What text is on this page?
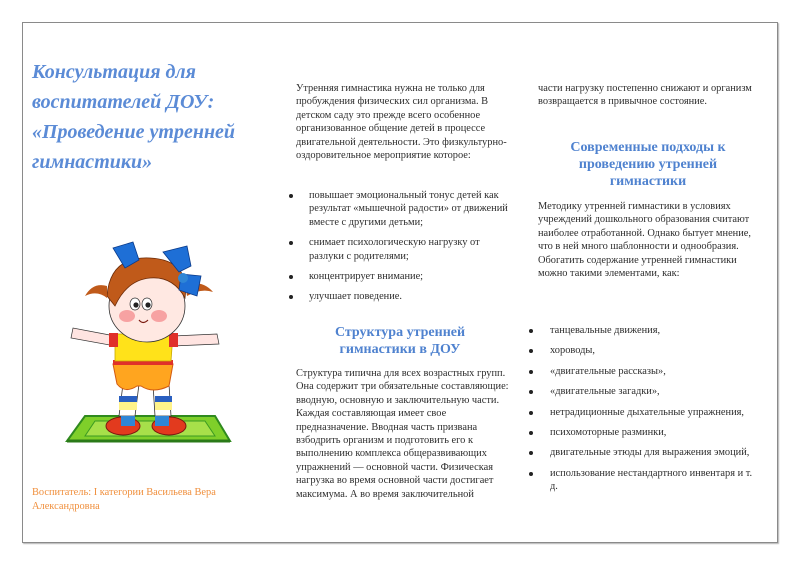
Консультация для воспитателей ДОУ: «Проведение утренней гимнастики»
Воспитатель: I категории Васильева Вера Александровна

Утренняя гимнастика нужна не только для пробуждения физических сил организма. В детском саду это прежде всего особенное организованное общение детей в процессе двигательной деятельности. Это физкультурно-оздоровительное мероприятие которое:

повышает эмоциональный тонус детей как результат «мышечной радости» от движений вместе с другими детьми;
снимает психологическую нагрузку от разлуки с родителями;
концентрирует внимание;
улучшает поведение.
Структура утренней гимнастики в ДОУ

Структура типична для всех возрастных групп. Она содержит три обязательные составляющие: вводную, основную и заключительную части. Каждая составляющая имеет свое предназначение. Вводная часть призвана взбодрить организм и подготовить его к выполнению комплекса общеразвивающих упражнений — основной части. Физическая нагрузка во время основной части достигает максимума. А во время заключительной

части нагрузку постепенно снижают и организм возвращается в привычное состояние.

Современные подходы к проведению утренней гимнастики

Методику утренней гимнастики в условиях учреждений дошкольного образования считают наиболее отработанной. Однако бытует мнение, что в ней много шаблонности и однообразия. Обогатить содержание утренней гимнастики можно такими элементами, как:

танцевальные движения,
хороводы,
«двигательные рассказы»,
«двигательные загадки»,
нетрадиционные дыхательные упражнения,
психомоторные разминки,
двигательные этюды для выражения эмоций,
использование нестандартного инвентаря и т. д.
